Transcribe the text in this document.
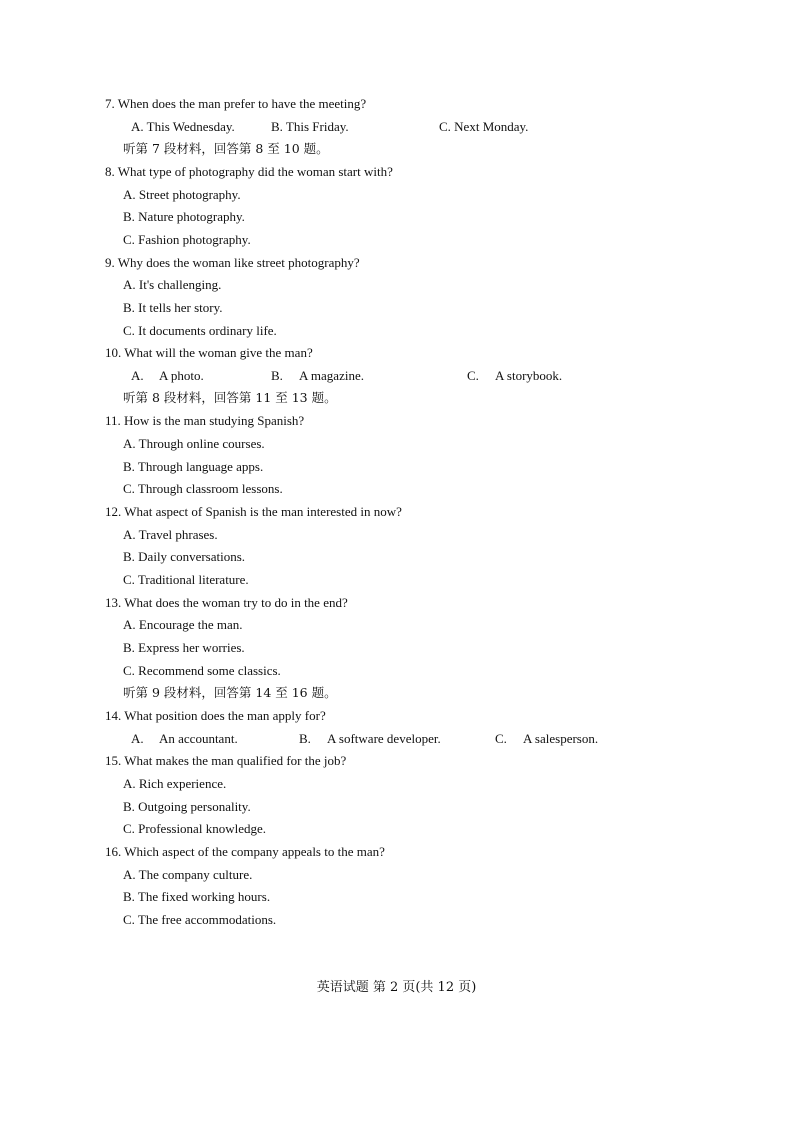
7. When does the man prefer to have the meeting?
A. This Wednesday.	B. This Friday.	C. Next Monday.
听第 7 段材料，回答第 8 至 10 题。
8. What type of photography did the woman start with?
A. Street photography.
B. Nature photography.
C. Fashion photography.
9. Why does the woman like street photography?
A. It's challenging.
B. It tells her story.
C. It documents ordinary life.
10. What will the woman give the man?
A. A photo.	B. A magazine.	C. A storybook.
听第 8 段材料，回答第 11 至 13 题。
11. How is the man studying Spanish?
A. Through online courses.
B. Through language apps.
C. Through classroom lessons.
12. What aspect of Spanish is the man interested in now?
A. Travel phrases.
B. Daily conversations.
C. Traditional literature.
13. What does the woman try to do in the end?
A. Encourage the man.
B. Express her worries.
C. Recommend some classics.
听第 9 段材料，回答第 14 至 16 题。
14. What position does the man apply for?
A. An accountant.	B. A software developer.	C. A salesperson.
15. What makes the man qualified for the job?
A. Rich experience.
B. Outgoing personality.
C. Professional knowledge.
16. Which aspect of the company appeals to the man?
A. The company culture.
B. The fixed working hours.
C. The free accommodations.
英语试题 第 2 页(共 12 页)
